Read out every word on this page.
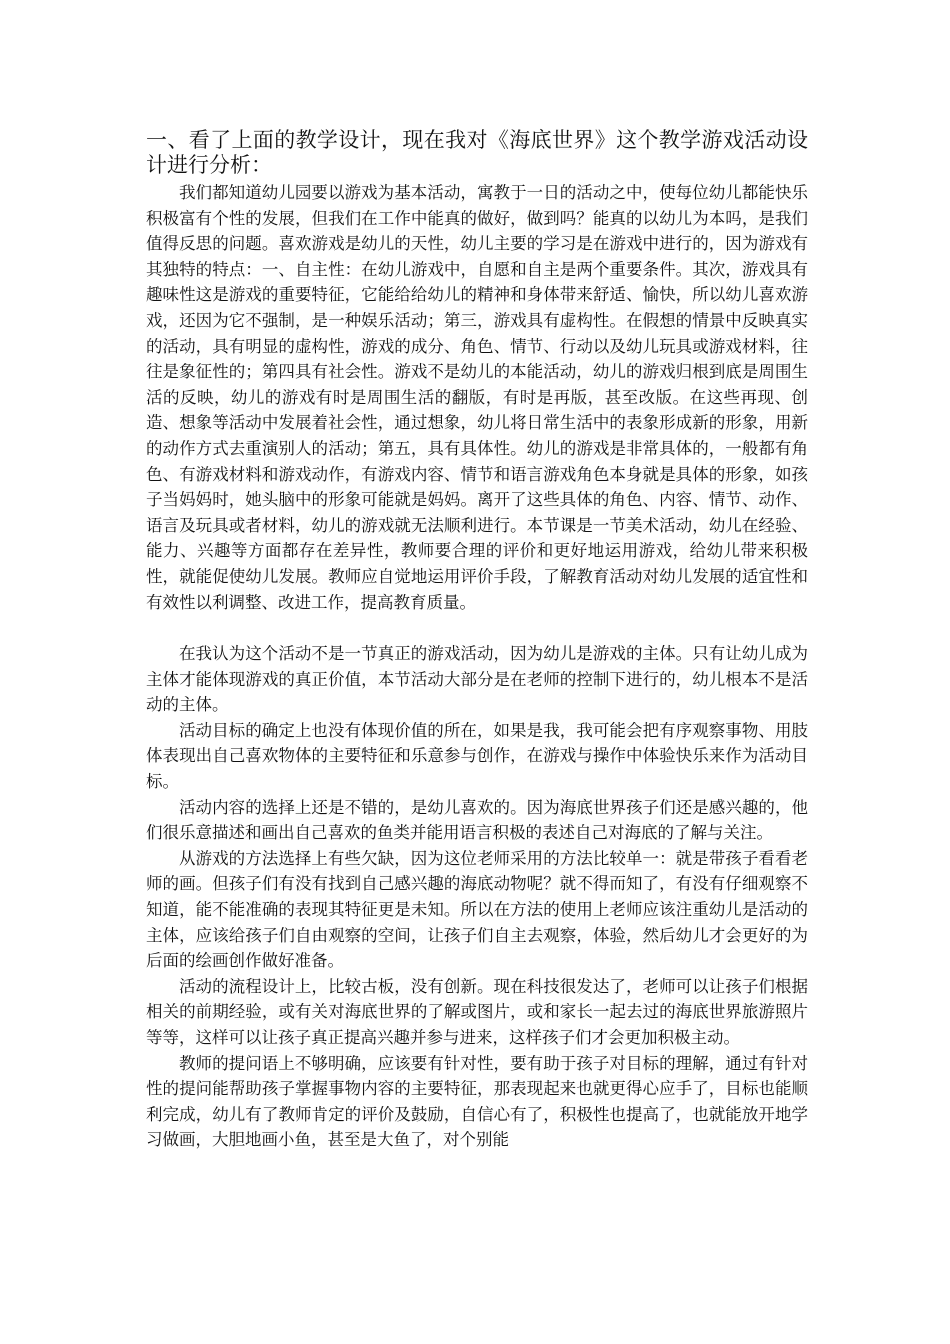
一、看了上面的教学设计，现在我对《海底世界》这个教学游戏活动设计进行分析：

我们都知道幼儿园要以游戏为基本活动，寓教于一日的活动之中，使每位幼儿都能快乐积极富有个性的发展，但我们在工作中能真的做好，做到吗？能真的以幼儿为本吗，是我们值得反思的问题。喜欢游戏是幼儿的天性，幼儿主要的学习是在游戏中进行的，因为游戏有其独特的特点：一、自主性：在幼儿游戏中，自愿和自主是两个重要条件。其次，游戏具有趣味性这是游戏的重要特征，它能给给幼儿的精神和身体带来舒适、愉快，所以幼儿喜欢游戏，还因为它不强制，是一种娱乐活动；第三，游戏具有虚构性。在假想的情景中反映真实的活动，具有明显的虚构性，游戏的成分、角色、情节、行动以及幼儿玩具或游戏材料，往往是象征性的；第四具有社会性。游戏不是幼儿的本能活动，幼儿的游戏归根到底是周围生活的反映，幼儿的游戏有时是周围生活的翻版，有时是再版，甚至改版。在这些再现、创造、想象等活动中发展着社会性，通过想象，幼儿将日常生活中的表象形成新的形象，用新的动作方式去重演别人的活动；第五，具有具体性。幼儿的游戏是非常具体的，一般都有角色、有游戏材料和游戏动作，有游戏内容、情节和语言游戏角色本身就是具体的形象，如孩子当妈妈时，她头脑中的形象可能就是妈妈。离开了这些具体的角色、内容、情节、动作、语言及玩具或者材料，幼儿的游戏就无法顺利进行。本节课是一节美术活动，幼儿在经验、能力、兴趣等方面都存在差异性，教师要合理的评价和更好地运用游戏，给幼儿带来积极性，就能促使幼儿发展。教师应自觉地运用评价手段，了解教育活动对幼儿发展的适宜性和有效性以利调整、改进工作，提高教育质量。

在我认为这个活动不是一节真正的游戏活动，因为幼儿是游戏的主体。只有让幼儿成为主体才能体现游戏的真正价值，本节活动大部分是在老师的控制下进行的，幼儿根本不是活动的主体。

活动目标的确定上也没有体现价值的所在，如果是我，我可能会把有序观察事物、用肢体表现出自己喜欢物体的主要特征和乐意参与创作，在游戏与操作中体验快乐来作为活动目标。

活动内容的选择上还是不错的，是幼儿喜欢的。因为海底世界孩子们还是感兴趣的，他们很乐意描述和画出自己喜欢的鱼类并能用语言积极的表述自己对海底的了解与关注。

从游戏的方法选择上有些欠缺，因为这位老师采用的方法比较单一：就是带孩子看看老师的画。但孩子们有没有找到自己感兴趣的海底动物呢？就不得而知了，有没有仔细观察不知道，能不能准确的表现其特征更是未知。所以在方法的使用上老师应该注重幼儿是活动的主体，应该给孩子们自由观察的空间，让孩子们自主去观察，体验，然后幼儿才会更好的为后面的绘画创作做好准备。

活动的流程设计上，比较古板，没有创新。现在科技很发达了，老师可以让孩子们根据相关的前期经验，或有关对海底世界的了解或图片，或和家长一起去过的海底世界旅游照片等等，这样可以让孩子真正提高兴趣并参与进来，这样孩子们才会更加积极主动。

教师的提问语上不够明确，应该要有针对性，要有助于孩子对目标的理解，通过有针对性的提问能帮助孩子掌握事物内容的主要特征，那表现起来也就更得心应手了，目标也能顺利完成，幼儿有了教师肯定的评价及鼓励，自信心有了，积极性也提高了，也就能放开地学习做画，大胆地画小鱼，甚至是大鱼了，对个别能
